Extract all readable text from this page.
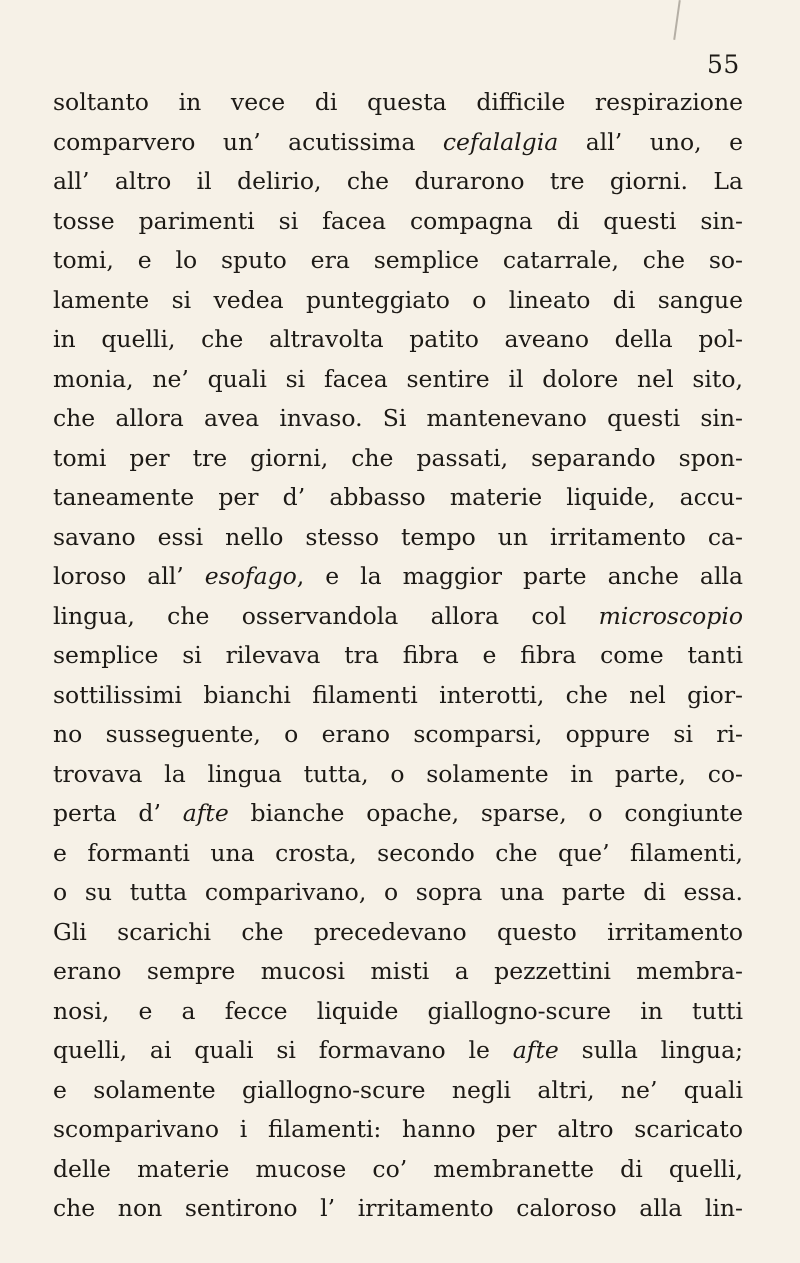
55
soltanto in vece di questa difficile respirazione
comparvero un’ acutissima cefalalgia all’ uno, e
all’ altro il delirio, che durarono tre giorni. La
tosse parimenti si facea compagna di questi sin-
tomi, e lo sputo era semplice catarrale, che so-
lamente si vedea punteggiato o lineato di sangue
in quelli, che altravolta patito aveano della pol-
monia, ne’ quali si facea sentire il dolore nel sito,
che allora avea invaso. Si mantenevano questi sin-
tomi per tre giorni, che passati, separando spon-
taneamente per d’ abbasso materie liquide, accu-
savano essi nello stesso tempo un irritamento ca-
loroso all’ esofago, e la maggior parte anche alla
lingua, che osservandola allora col microscopio
semplice si rilevava tra fibra e fibra come tanti
sottilissimi bianchi filamenti interotti, che nel gior-
no susseguente, o erano scomparsi, oppure si ri-
trovava la lingua tutta, o solamente in parte, co-
perta d’ afte bianche opache, sparse, o congiunte
e formanti una crosta, secondo che que’ filamenti,
o su tutta comparivano, o sopra una parte di essa.
Gli scarichi che precedevano questo irritamento
erano sempre mucosi misti a pezzettini membra-
nosi, e a fecce liquide giallogno-scure in tutti
quelli, ai quali si formavano le afte sulla lingua;
e solamente giallogno-scure negli altri, ne’ quali
scomparivano i filamenti: hanno per altro scaricato
delle materie mucose co’ membranette di quelli,
che non sentirono l’ irritamento caloroso alla lin-
